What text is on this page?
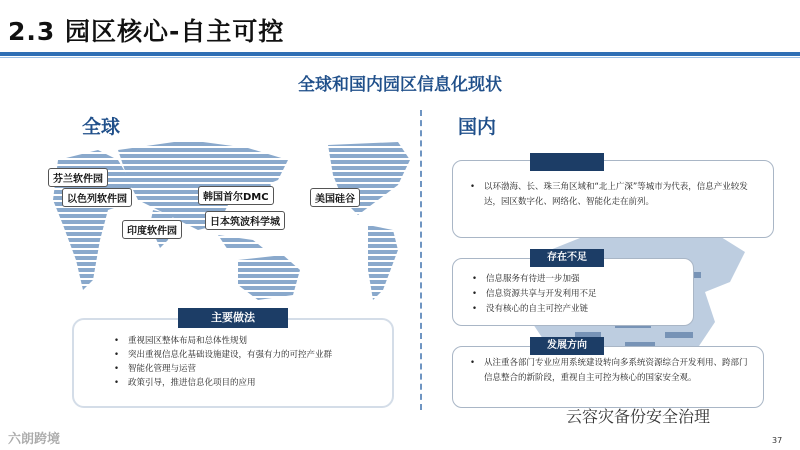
2.3 园区核心-自主可控
全球和国内园区信息化现状
全球	国内
芬兰软件园
以色列软件园	韩国首尔DMC	美国硅谷
日本筑波科学城
印度软件园
主要做法
• 重视园区整体布局和总体性规划
• 突出重视信息化基础设施建设，有强有力的可控产业群
• 智能化管理与运营
• 政策引导，推进信息化项目的应用
• 以环渤海、长、珠三角区域和“北上广深”等城市为代表，信息产业较发达，园区数字化、网络化、智能化走在前列。
存在不足
• 信息服务有待进一步加强
• 信息资源共享与开发利用不足
• 没有核心的自主可控产业链
发展方向
• 从注重各部门专业应用系统建设转向多系统资源综合开发利用、跨部门信息整合的新阶段，重视自主可控为核心的国家安全观。
六朗跨境
云容灾备份安全治理
37
